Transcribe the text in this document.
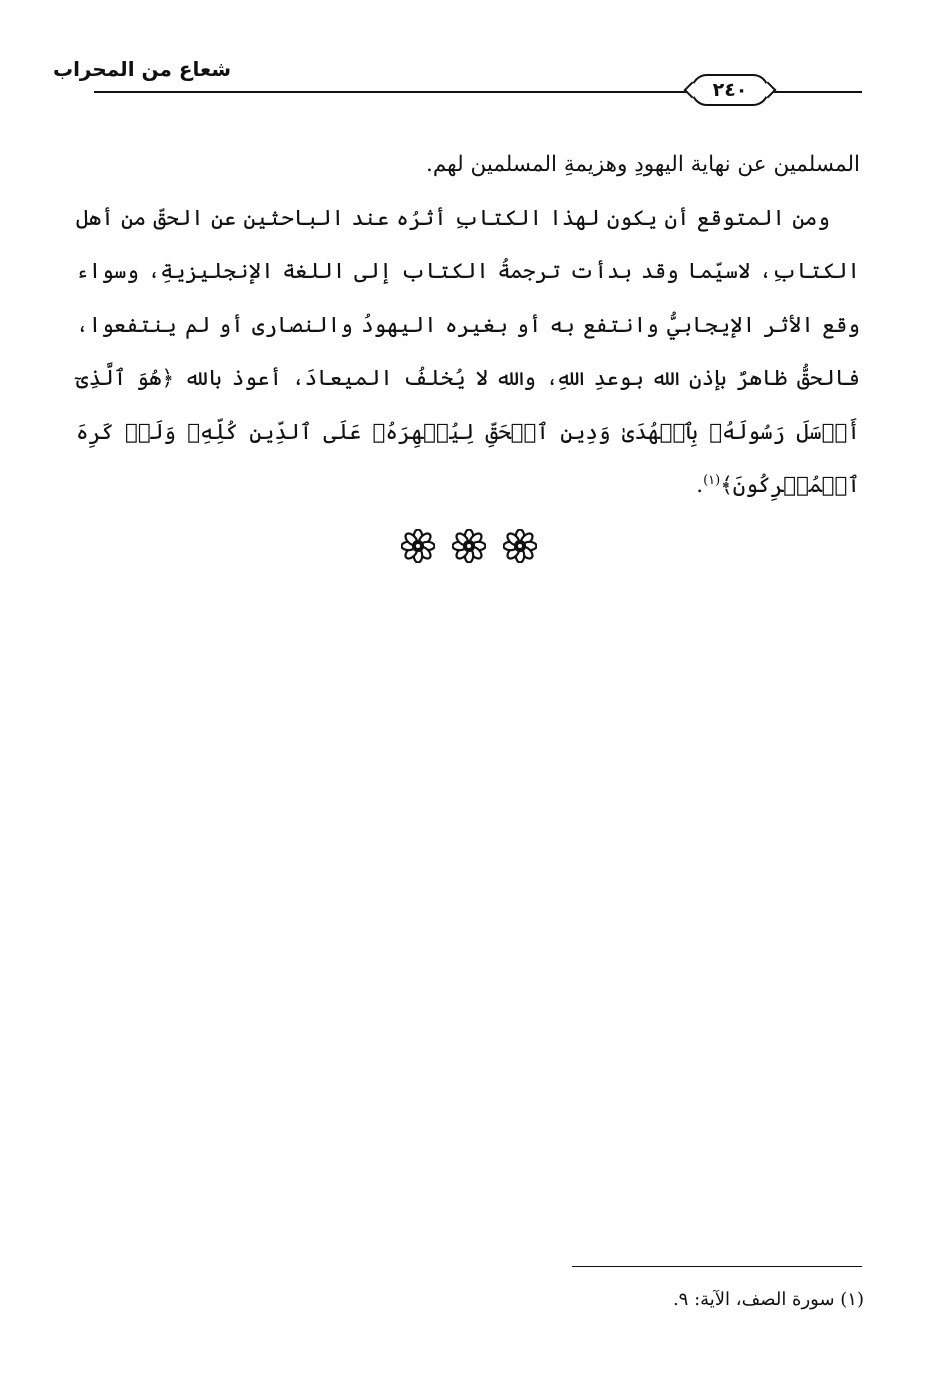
شعاع من المحراب
٢٤٠

المسلمين عن نهاية اليهودِ وهزيمةِ المسلمين لهم.

ومن المتوقع أن يكون لهذا الكتابِ أثرُه عند الباحثين عن الحقّ من أهل الكتابِ، لاسيّما وقد بدأت ترجمةُ الكتاب إلى اللغة الإنجليزيةِ، وسواء وقع الأثر الإيجابيُّ وانتفع به أو بغيره اليهودُ والنصارى أو لم ينتفعوا، فالحقُّ ظاهرٌ بإذن الله بوعدِ اللهِ، والله لا يُخلفُ الميعادَ، أعوذ بالله ﴿هُوَ ٱلَّذِىٓ أَرۡسَلَ رَسُولَهُۥ بِٱلۡهُدَىٰ وَدِينِ ٱلۡحَقِّ لِيُظۡهِرَهُۥ عَلَى ٱلدِّينِ كُلِّهِۦ وَلَوۡ كَرِهَ ٱلۡمُشۡرِكُونَ﴾$^{(١)}$.

(١) سورة الصف، الآية: ٩.
